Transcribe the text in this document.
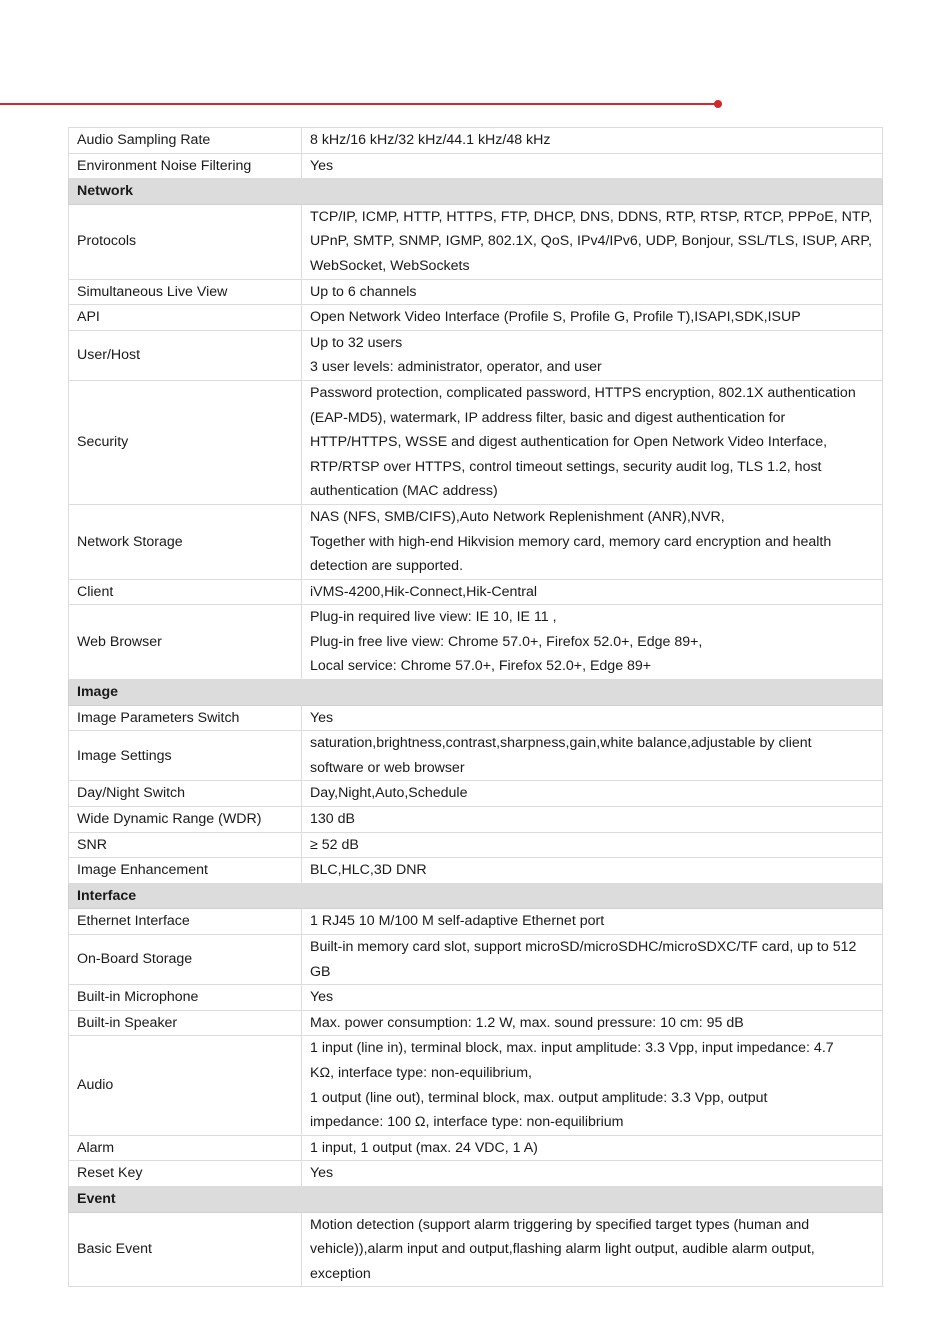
Audio Sampling Rate	8 kHz/16 kHz/32 kHz/44.1 kHz/48 kHz
Environment Noise Filtering	Yes
Network	
Protocols	TCP/IP, ICMP, HTTP, HTTPS, FTP, DHCP, DNS, DDNS, RTP, RTSP, RTCP, PPPoE, NTP,
UPnP, SMTP, SNMP, IGMP, 802.1X, QoS, IPv4/IPv6, UDP, Bonjour, SSL/TLS, ISUP, ARP,
WebSocket, WebSockets
Simultaneous Live View	Up to 6 channels
API	Open Network Video Interface (Profile S, Profile G, Profile T),ISAPI,SDK,ISUP
User/Host	Up to 32 users
3 user levels: administrator, operator, and user
Security	Password protection, complicated password, HTTPS encryption, 802.1X authentication
(EAP-MD5), watermark, IP address filter, basic and digest authentication for
HTTP/HTTPS, WSSE and digest authentication for Open Network Video Interface,
RTP/RTSP over HTTPS, control timeout settings, security audit log, TLS 1.2, host
authentication (MAC address)
Network Storage	NAS (NFS, SMB/CIFS),Auto Network Replenishment (ANR),NVR,
Together with high-end Hikvision memory card, memory card encryption and health
detection are supported.
Client	iVMS-4200,Hik-Connect,Hik-Central
Web Browser	Plug-in required live view: IE 10, IE 11 ,
Plug-in free live view: Chrome 57.0+, Firefox 52.0+, Edge 89+,
Local service: Chrome 57.0+, Firefox 52.0+, Edge 89+
Image	
Image Parameters Switch	Yes
Image Settings	saturation,brightness,contrast,sharpness,gain,white balance,adjustable by client
software or web browser
Day/Night Switch	Day,Night,Auto,Schedule
Wide Dynamic Range (WDR)	130 dB
SNR	≥ 52 dB
Image Enhancement	BLC,HLC,3D DNR
Interface	
Ethernet Interface	1 RJ45 10 M/100 M self-adaptive Ethernet port
On-Board Storage	Built-in memory card slot, support microSD/microSDHC/microSDXC/TF card, up to 512
GB
Built-in Microphone	Yes
Built-in Speaker	Max. power consumption: 1.2 W, max. sound pressure: 10 cm: 95 dB
Audio	1 input (line in), terminal block, max. input amplitude: 3.3 Vpp, input impedance: 4.7
KΩ, interface type: non-equilibrium,
1 output (line out), terminal block, max. output amplitude: 3.3 Vpp, output
impedance: 100 Ω, interface type: non-equilibrium
Alarm	1 input, 1 output (max. 24 VDC, 1 A)
Reset Key	Yes
Event	
Basic Event	Motion detection (support alarm triggering by specified target types (human and
vehicle)),alarm input and output,flashing alarm light output, audible alarm output,
exception
